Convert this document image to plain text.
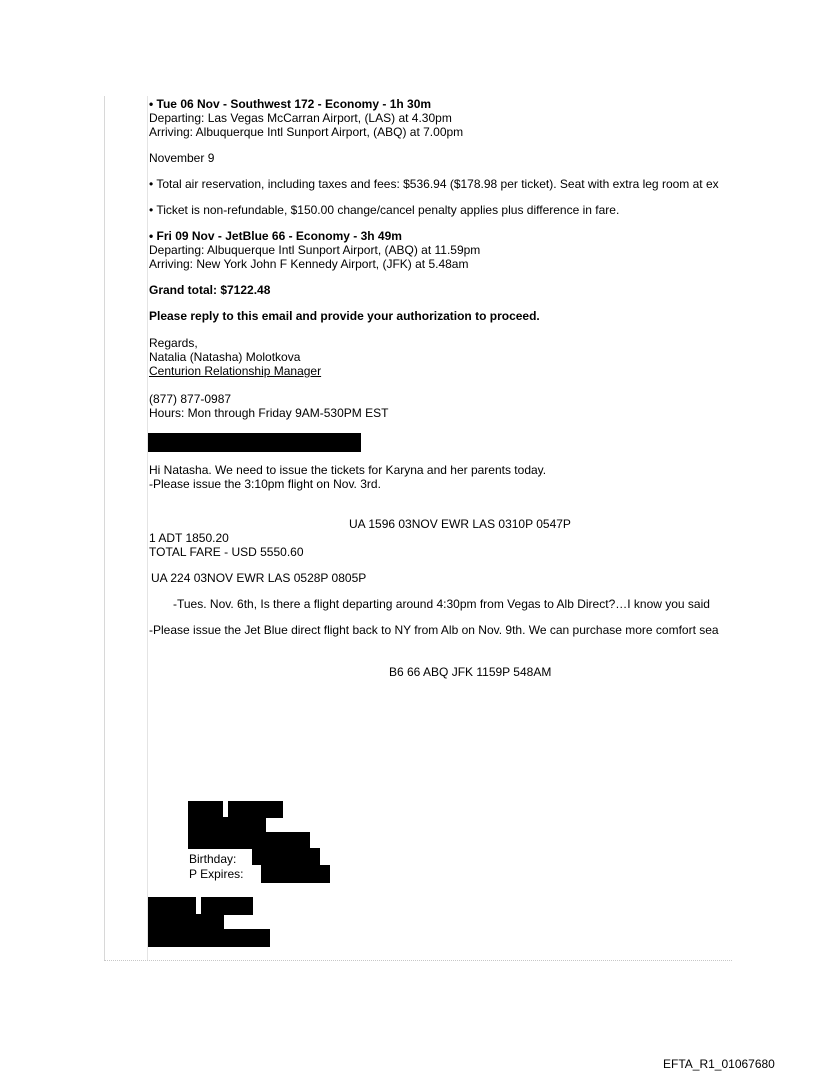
• Tue 06 Nov - Southwest 172 - Economy - 1h 30m
Departing: Las Vegas McCarran Airport, (LAS) at 4.30pm
Arriving: Albuquerque Intl Sunport Airport, (ABQ) at 7.00pm
November 9
• Total air reservation, including taxes and fees: $536.94 ($178.98 per ticket). Seat with extra leg room at ex
• Ticket is non-refundable, $150.00 change/cancel penalty applies plus difference in fare.
• Fri 09 Nov - JetBlue 66 - Economy - 3h 49m
Departing: Albuquerque Intl Sunport Airport, (ABQ) at 11.59pm
Arriving: New York John F Kennedy Airport, (JFK) at 5.48am
Grand total: $7122.48
Please reply to this email and provide your authorization to proceed.
Regards,
Natalia (Natasha) Molotkova
Centurion Relationship Manager
(877) 877-0987
Hours: Mon through Friday 9AM-530PM EST
Hi Natasha. We need to issue the tickets for Karyna and her parents today.
-Please issue the 3:10pm flight on Nov. 3rd.
UA 1596 03NOV EWR LAS 0310P 0547P
1 ADT 1850.20
TOTAL FARE - USD 5550.60
UA 224 03NOV EWR LAS 0528P 0805P
-Tues. Nov. 6th, Is there a flight departing around 4:30pm from Vegas to Alb Direct?…I know you said
-Please issue the Jet Blue direct flight back to NY from Alb on Nov. 9th. We can purchase more comfort sea
B6 66 ABQ JFK 1159P 548AM
Birthday:
P Expires:
EFTA_R1_01067680
